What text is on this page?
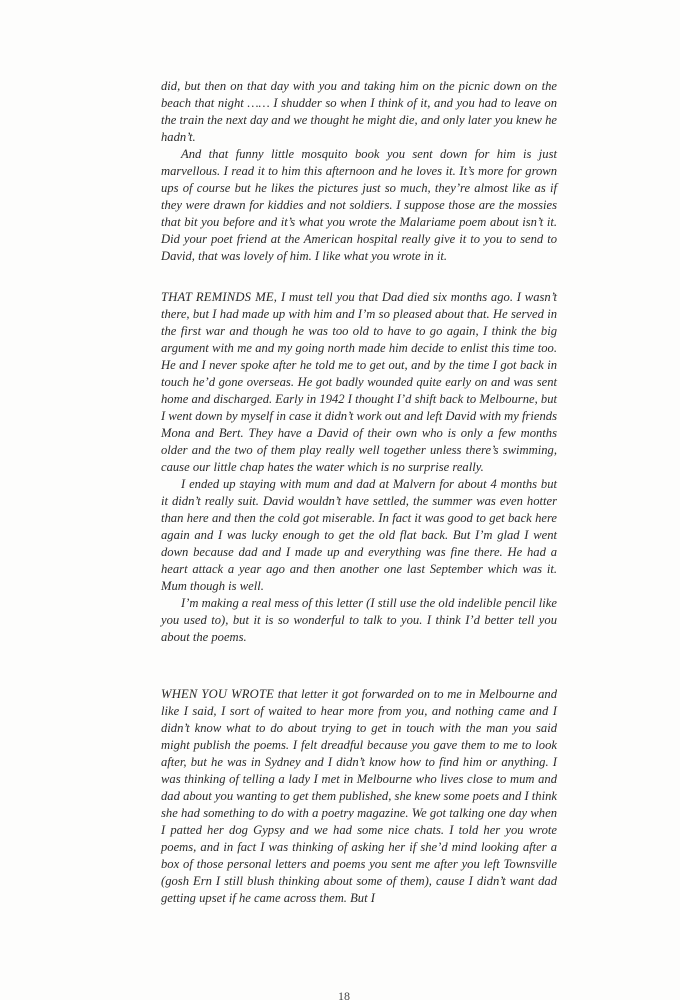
did, but then on that day with you and taking him on the picnic down on the beach that night …… I shudder so when I think of it, and you had to leave on the train the next day and we thought he might die, and only later you knew he hadn’t.

And that funny little mosquito book you sent down for him is just marvellous. I read it to him this afternoon and he loves it. It’s more for grown ups of course but he likes the pictures just so much, they’re almost like as if they were drawn for kiddies and not soldiers. I suppose those are the mossies that bit you before and it’s what you wrote the Malariame poem about isn’t it. Did your poet friend at the American hospital really give it to you to send to David, that was lovely of him. I like what you wrote in it.

THAT REMINDS ME, I must tell you that Dad died six months ago. I wasn’t there, but I had made up with him and I’m so pleased about that. He served in the first war and though he was too old to have to go again, I think the big argument with me and my going north made him decide to enlist this time too. He and I never spoke after he told me to get out, and by the time I got back in touch he’d gone overseas. He got badly wounded quite early on and was sent home and discharged. Early in 1942 I thought I’d shift back to Melbourne, but I went down by myself in case it didn’t work out and left David with my friends Mona and Bert. They have a David of their own who is only a few months older and the two of them play really well together unless there’s swimming, cause our little chap hates the water which is no surprise really.

I ended up staying with mum and dad at Malvern for about 4 months but it didn’t really suit. David wouldn’t have settled, the summer was even hotter than here and then the cold got miserable. In fact it was good to get back here again and I was lucky enough to get the old flat back. But I’m glad I went down because dad and I made up and everything was fine there. He had a heart attack a year ago and then another one last September which was it. Mum though is well.

I’m making a real mess of this letter (I still use the old indelible pencil like you used to), but it is so wonderful to talk to you. I think I’d better tell you about the poems.

WHEN YOU WROTE that letter it got forwarded on to me in Melbourne and like I said, I sort of waited to hear more from you, and nothing came and I didn’t know what to do about trying to get in touch with the man you said might publish the poems. I felt dreadful because you gave them to me to look after, but he was in Sydney and I didn’t know how to find him or anything. I was thinking of telling a lady I met in Melbourne who lives close to mum and dad about you wanting to get them published, she knew some poets and I think she had something to do with a poetry magazine. We got talking one day when I patted her dog Gypsy and we had some nice chats. I told her you wrote poems, and in fact I was thinking of asking her if she’d mind looking after a box of those personal letters and poems you sent me after you left Townsville (gosh Ern I still blush thinking about some of them), cause I didn’t want dad getting upset if he came across them. But I

18
